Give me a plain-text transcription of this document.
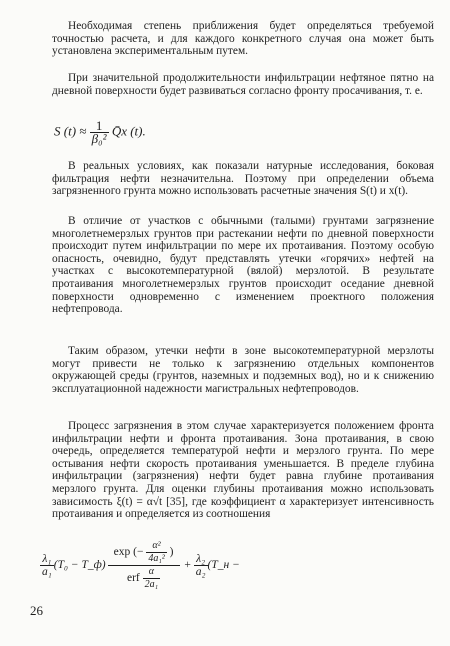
Необходимая степень приближения будет определяться требуемой точностью расчета, и для каждого конкретного случая она может быть установлена экспериментальным путем.

При значительной продолжительности инфильтрации нефтяное пятно на дневной поверхности будет развиваться согласно фронту просачивания, т. е.

S $(t) \approx \frac{1}{\text{β₀²}}$ Q̄x (t).

В реальных условиях, как показали натурные исследования, боковая фильтрация нефти незначительна. Поэтому при определении объема загрязненного грунта можно использовать расчетные значения S(t) и x(t).

В отличие от участков с обычными (талыми) грунтами загрязнение многолетнемерзлых грунтов при растекании нефти по дневной поверхности происходит путем инфильтрации по мере их протаивания. Поэтому особую опасность, очевидно, будут представлять утечки «горячих» нефтей на участках с высокотемпературной (вялой) мерзлотой. В результате протаивания многолетнемерзлых грунтов происходит оседание дневной поверхности одновременно с изменением проектного положения нефтепровода.

Таким образом, утечки нефти в зоне высокотемпературной мерзлоты могут привести не только к загрязнению отдельных компонентов окружающей среды (грунтов, наземных и подземных вод), но и к снижению эксплуатационной надежности магистральных нефтепроводов.

Процесс загрязнения в этом случае характеризуется положением фронта инфильтрации нефти и фронта протаивания. Зона протаивания, в свою очередь, определяется температурой нефти и мерзлого грунта. По мере остывания нефти скорость протаивания уменьшается. В пределе глубина инфильтрации (загрязнения) нефти будет равна глубине протаивания мерзлого грунта. Для оценки глубины протаивания можно использовать зависимость ξ(t) = α√t [35], где коэффициент α характеризует интенсивность протаивания и определяется из соотношения

$\frac{\text{λ₁}}{\text{a₁}} (T_0$ − T_ф)
exp (− $\frac{\text{α²}}{\text{4a₁²}}$ )
erf $\frac{\alpha}{\text{2a₁}}$
+ $\frac{\text{λ₂}}{\text{a₂}}$ (T_н −
26
